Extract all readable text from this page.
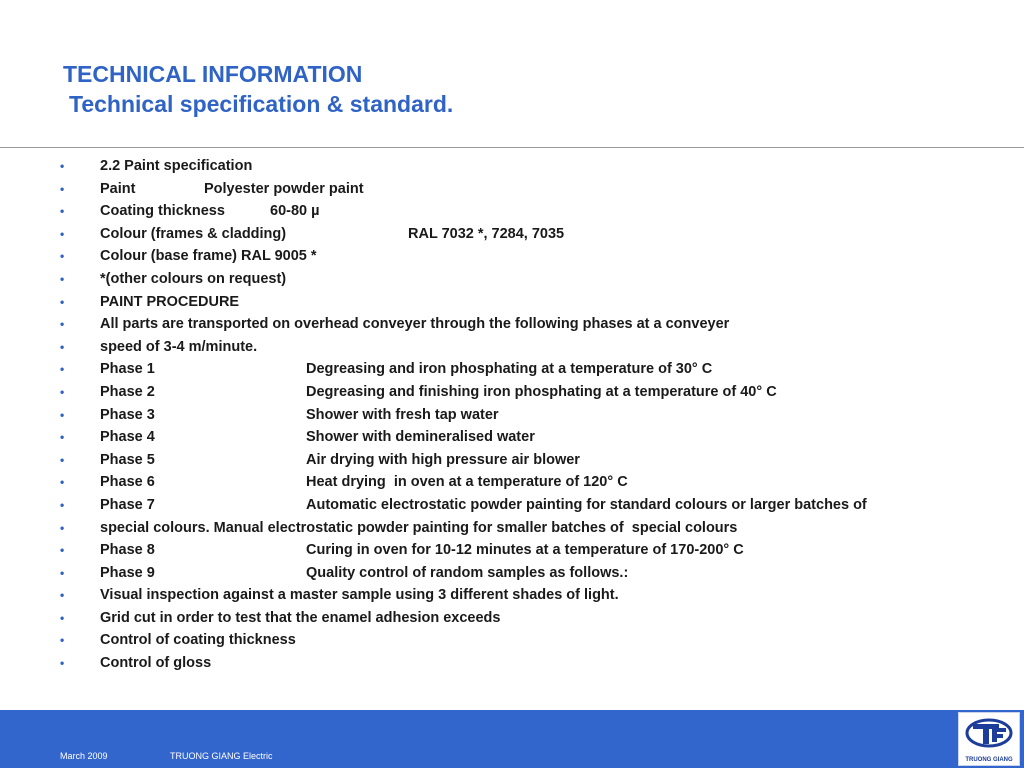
TECHNICAL INFORMATION
Technical specification & standard.
• 2.2 Paint specification
• Paint	Polyester powder paint
• Coating thickness	60-80 µ
• Colour (frames & cladding)	RAL 7032 *, 7284, 7035
• Colour (base frame) RAL 9005 *
• *(other colours on request)
• PAINT PROCEDURE
• All parts are transported on overhead conveyer through the following phases at a conveyer
• speed of 3-4 m/minute.
• Phase 1	Degreasing and iron phosphating at a temperature of 30° C
• Phase 2	Degreasing and finishing iron phosphating at a temperature of 40° C
• Phase 3	Shower with fresh tap water
• Phase 4	Shower with demineralised water
• Phase 5	Air drying with high pressure air blower
• Phase 6	Heat drying  in oven at a temperature of 120° C
• Phase 7	Automatic electrostatic powder painting for standard colours or larger batches of
• special colours. Manual electrostatic powder painting for smaller batches of  special colours
• Phase 8	Curing in oven for 10-12 minutes at a temperature of 170-200° C
• Phase 9	Quality control of random samples as follows.:
• Visual inspection against a master sample using 3 different shades of light.
• Grid cut in order to test that the enamel adhesion exceeds
• Control of coating thickness
• Control of gloss
March 2009	TRUONG GIANG Electric	TRUONG GIANG
